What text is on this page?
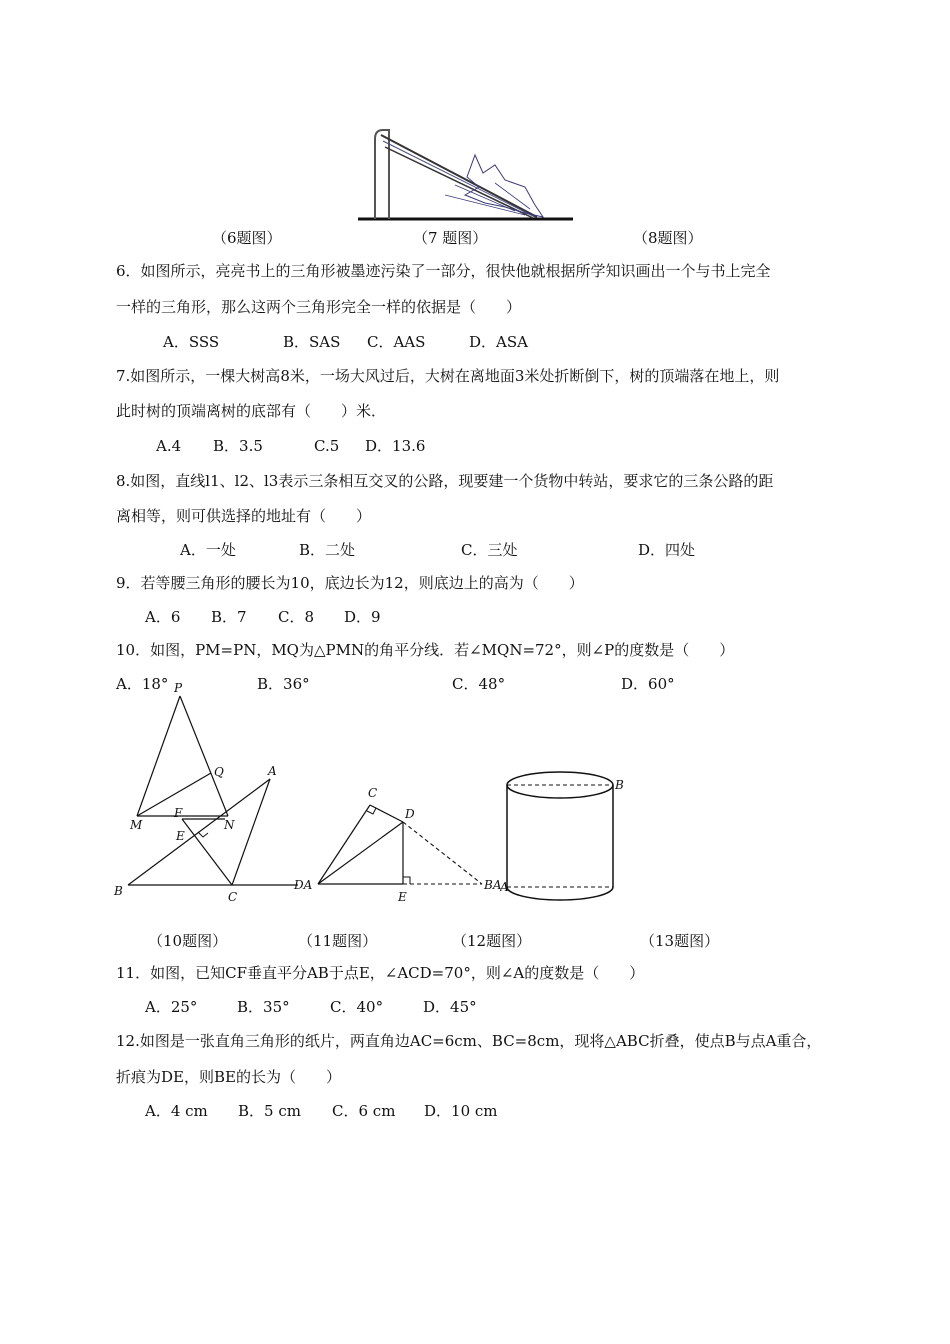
（6题图）	（7 题图）	（8题图）
6．如图所示，亮亮书上的三角形被墨迹污染了一部分，很快他就根据所学知识画出一个与书上完全
一样的三角形，那么这两个三角形完全一样的依据是（　　）
A．SSS	B．SAS C．AAS	D．ASA
7.如图所示，一棵大树高8米，一场大风过后，大树在离地面3米处折断倒下，树的顶端落在地上，则
此时树的顶端离树的底部有（　　）米．
A.4 B．3.5	C.5 D．13.6
8.如图，直线l1、l2、l3表示三条相互交叉的公路，现要建一个货物中转站，要求它的三条公路的距
离相等，则可供选择的地址有（　　）
A．一处	B．二处	C．三处	D．四处
9．若等腰三角形的腰长为10，底边长为12，则底边上的高为（　　）
A．6 B．7 C．8 D．9
10．如图，PM=PN，MQ为△PMN的角平分线．若∠MQN=72°，则∠P的度数是（　　）
A．18°	B．36°	C．48°	D．60°
P
Q
M	N
A
F
E
B	C
C
D
DA
E
BA
B
A
（10题图）	（11题图）	（12题图）	（13题图）
11．如图，已知CF垂直平分AB于点E，∠ACD=70°，则∠A的度数是（　　）
A．25°	B．35°	C．40°	D．45°
12.如图是一张直角三角形的纸片，两直角边AC=6cm、BC=8cm，现将△ABC折叠，使点B与点A重合，
折痕为DE，则BE的长为（　　）
A．4 cm B．5 cm C．6 cm D．10 cm
